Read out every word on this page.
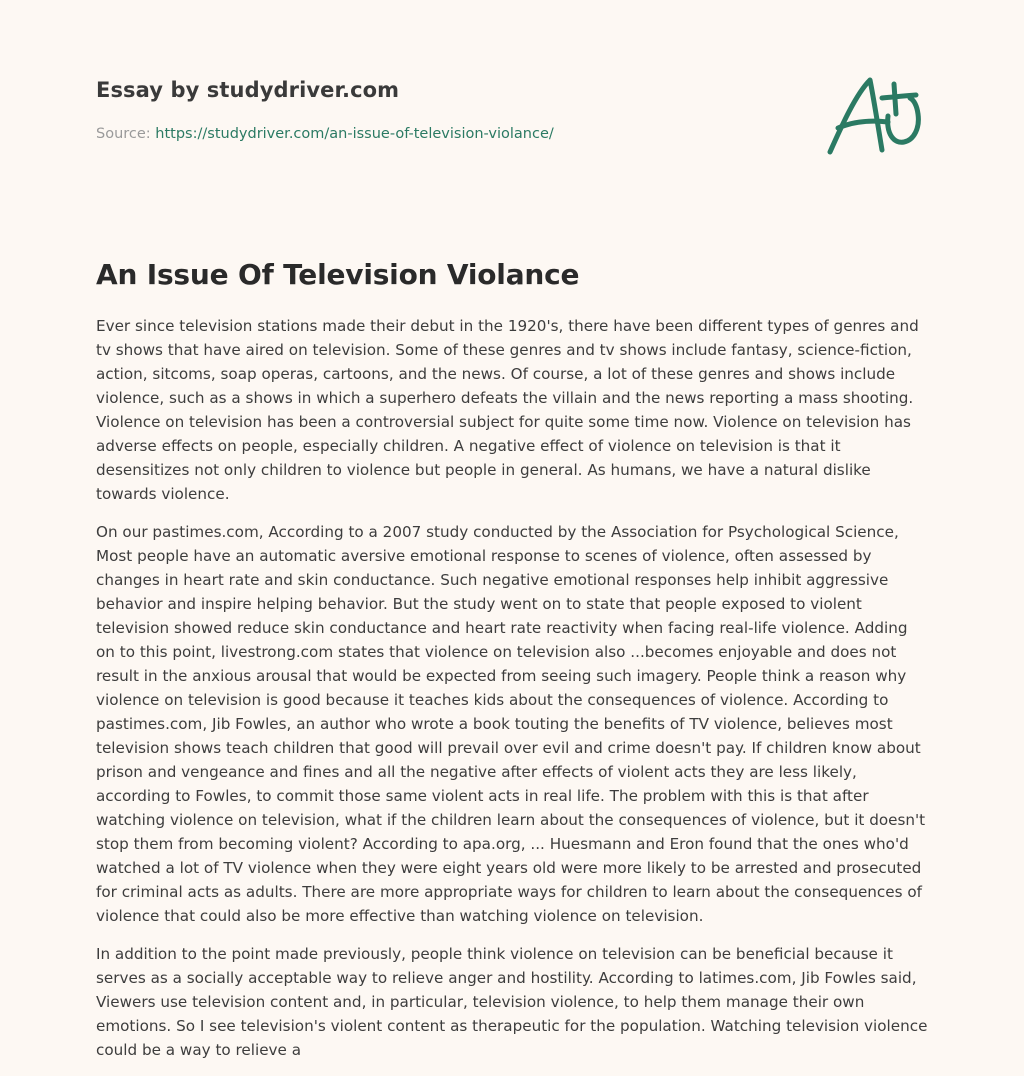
Essay by studydriver.com
Source: https://studydriver.com/an-issue-of-television-violance/
An Issue Of Television Violance

Ever since television stations made their debut in the 1920's, there have been different types of genres and tv shows that have aired on television. Some of these genres and tv shows include fantasy, science-fiction, action, sitcoms, soap operas, cartoons, and the news. Of course, a lot of these genres and shows include violence, such as a shows in which a superhero defeats the villain and the news reporting a mass shooting. Violence on television has been a controversial subject for quite some time now. Violence on television has adverse effects on people, especially children. A negative effect of violence on television is that it desensitizes not only children to violence but people in general. As humans, we have a natural dislike towards violence.

On our pastimes.com, According to a 2007 study conducted by the Association for Psychological Science, Most people have an automatic aversive emotional response to scenes of violence, often assessed by changes in heart rate and skin conductance. Such negative emotional responses help inhibit aggressive behavior and inspire helping behavior. But the study went on to state that people exposed to violent television showed reduce skin conductance and heart rate reactivity when facing real-life violence. Adding on to this point, livestrong.com states that violence on television also ...becomes enjoyable and does not result in the anxious arousal that would be expected from seeing such imagery. People think a reason why violence on television is good because it teaches kids about the consequences of violence. According to pastimes.com, Jib Fowles, an author who wrote a book touting the benefits of TV violence, believes most television shows teach children that good will prevail over evil and crime doesn't pay. If children know about prison and vengeance and fines and all the negative after effects of violent acts they are less likely, according to Fowles, to commit those same violent acts in real life. The problem with this is that after watching violence on television, what if the children learn about the consequences of violence, but it doesn't stop them from becoming violent? According to apa.org, ... Huesmann and Eron found that the ones who'd watched a lot of TV violence when they were eight years old were more likely to be arrested and prosecuted for criminal acts as adults. There are more appropriate ways for children to learn about the consequences of violence that could also be more effective than watching violence on television.

In addition to the point made previously, people think violence on television can be beneficial because it serves as a socially acceptable way to relieve anger and hostility. According to latimes.com, Jib Fowles said, Viewers use television content and, in particular, television violence, to help them manage their own emotions. So I see television's violent content as therapeutic for the population. Watching television violence could be a way to relieve a
